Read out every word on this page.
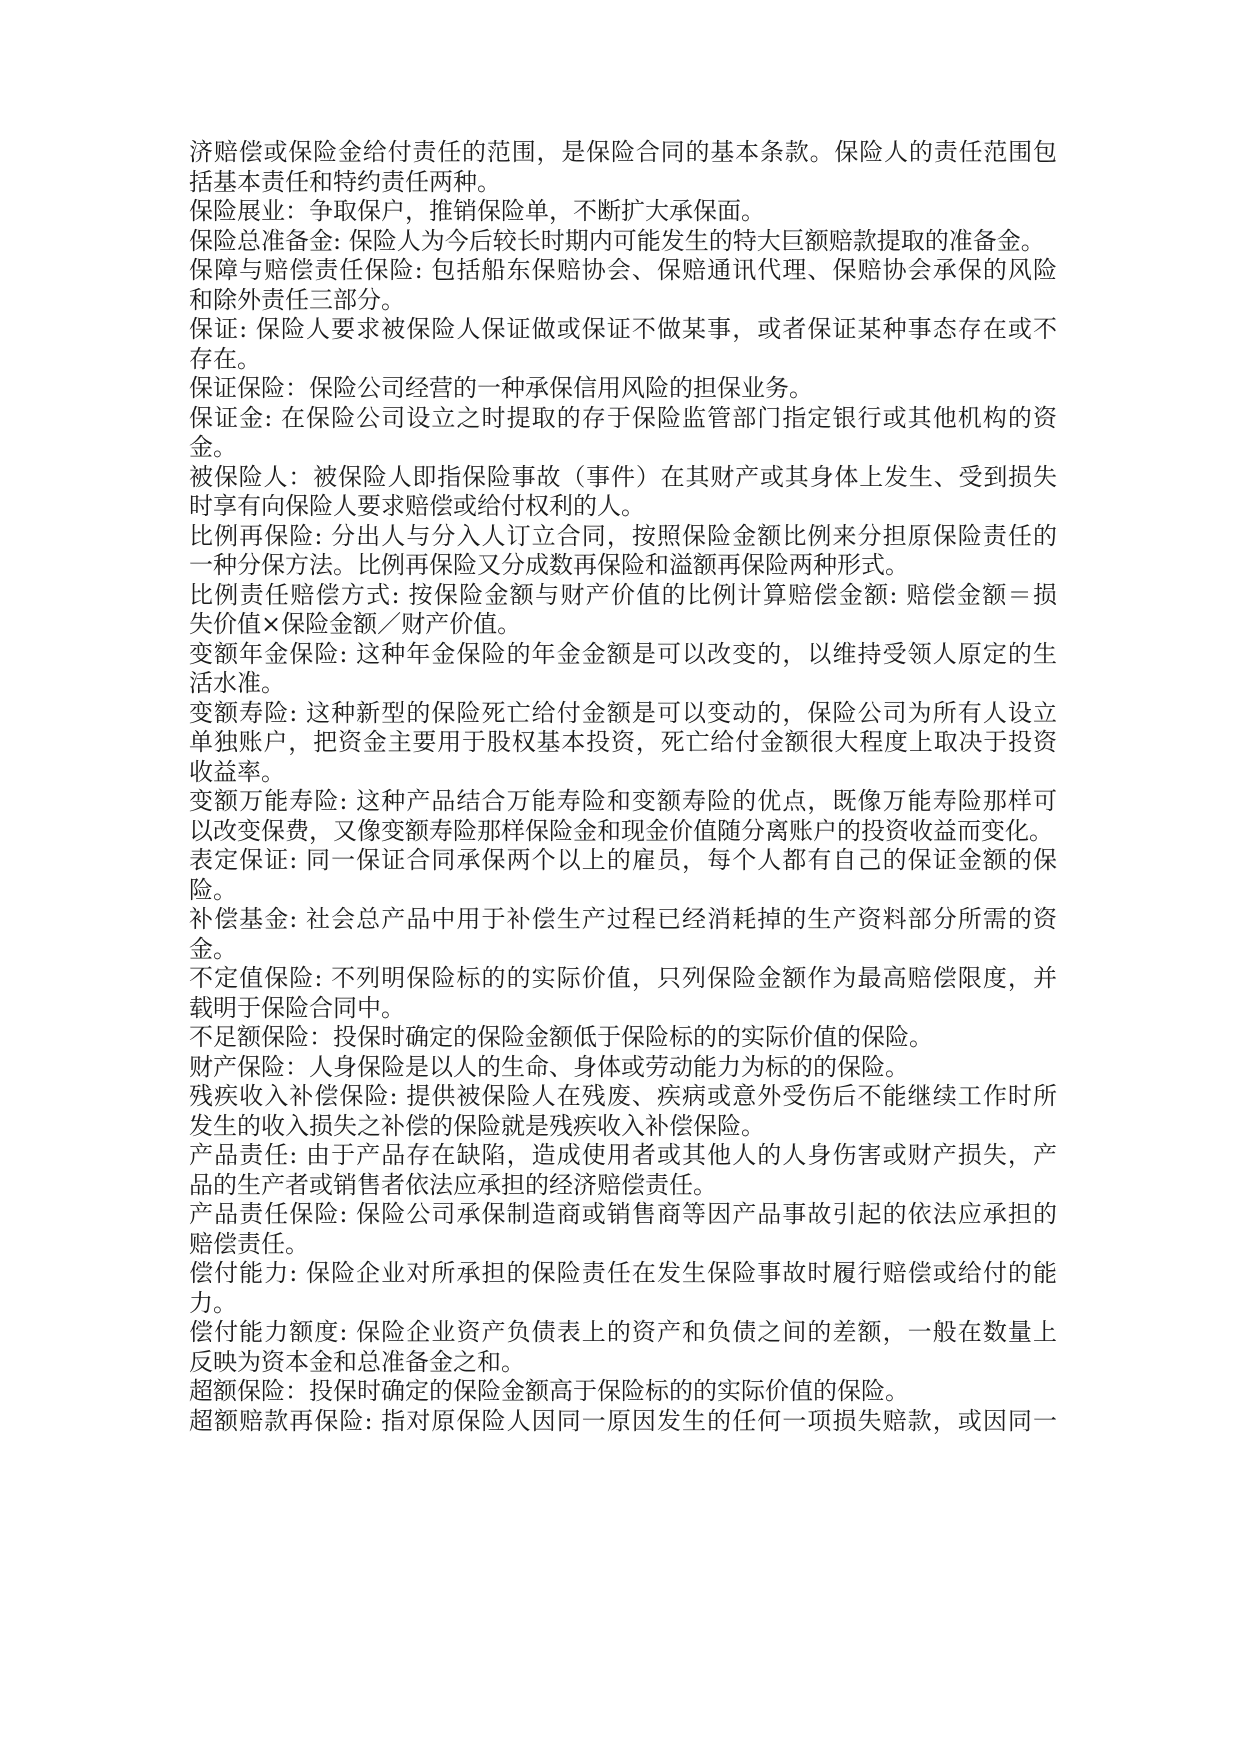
济赔偿或保险金给付责任的范围，是保险合同的基本条款。保险人的责任范围包
括基本责任和特约责任两种。
保险展业：争取保户，推销保险单，不断扩大承保面。
保险总准备金: 保险人为今后较长时期内可能发生的特大巨额赔款提取的准备金。
保障与赔偿责任保险: 包括船东保赔协会、保赔通讯代理、保赔协会承保的风险
和除外责任三部分。
保证: 保险人要求被保险人保证做或保证不做某事，或者保证某种事态存在或不
存在。
保证保险：保险公司经营的一种承保信用风险的担保业务。
保证金: 在保险公司设立之时提取的存于保险监管部门指定银行或其他机构的资
金。
被保险人：被保险人即指保险事故（事件）在其财产或其身体上发生、受到损失
时享有向保险人要求赔偿或给付权利的人。
比例再保险: 分出人与分入人订立合同，按照保险金额比例来分担原保险责任的
一种分保方法。比例再保险又分成数再保险和溢额再保险两种形式。
比例责任赔偿方式: 按保险金额与财产价值的比例计算赔偿金额: 赔偿金额＝损
失价值×保险金额／财产价值。
变额年金保险: 这种年金保险的年金金额是可以改变的，以维持受领人原定的生
活水准。
变额寿险: 这种新型的保险死亡给付金额是可以变动的，保险公司为所有人设立
单独账户，把资金主要用于股权基本投资，死亡给付金额很大程度上取决于投资
收益率。
变额万能寿险: 这种产品结合万能寿险和变额寿险的优点，既像万能寿险那样可
以改变保费，又像变额寿险那样保险金和现金价值随分离账户的投资收益而变化。
表定保证: 同一保证合同承保两个以上的雇员，每个人都有自己的保证金额的保
险。
补偿基金: 社会总产品中用于补偿生产过程已经消耗掉的生产资料部分所需的资
金。
不定值保险: 不列明保险标的的实际价值，只列保险金额作为最高赔偿限度，并
载明于保险合同中。
不足额保险：投保时确定的保险金额低于保险标的的实际价值的保险。
财产保险：人身保险是以人的生命、身体或劳动能力为标的的保险。
残疾收入补偿保险: 提供被保险人在残废、疾病或意外受伤后不能继续工作时所
发生的收入损失之补偿的保险就是残疾收入补偿保险。
产品责任: 由于产品存在缺陷，造成使用者或其他人的人身伤害或财产损失，产
品的生产者或销售者依法应承担的经济赔偿责任。
产品责任保险: 保险公司承保制造商或销售商等因产品事故引起的依法应承担的
赔偿责任。
偿付能力: 保险企业对所承担的保险责任在发生保险事故时履行赔偿或给付的能
力。
偿付能力额度: 保险企业资产负债表上的资产和负债之间的差额，一般在数量上
反映为资本金和总准备金之和。
超额保险：投保时确定的保险金额高于保险标的的实际价值的保险。
超额赔款再保险: 指对原保险人因同一原因发生的任何一项损失赔款，或因同一
